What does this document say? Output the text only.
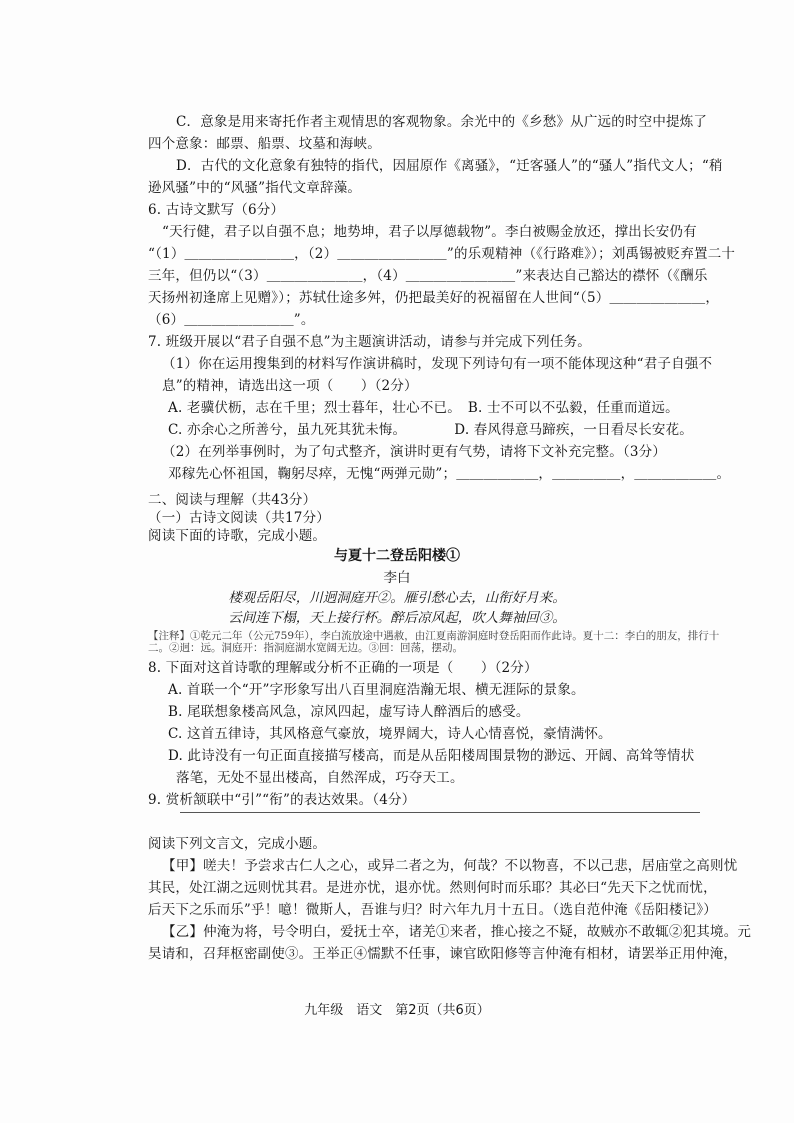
C．意象是用来寄托作者主观情思的客观物象。余光中的《乡愁》从广远的时空中提炼了
四个意象：邮票、船票、坟墓和海峡。
D．古代的文化意象有独特的指代，因屈原作《离骚》，“迁客骚人”的“骚人”指代文人；“稍
逊风骚”中的“风骚”指代文章辞藻。
6. 古诗文默写（6分）
“天行健，君子以自强不息；地势坤，君子以厚德载物”。李白被赐金放还，撑出长安仍有
“（1）＿＿＿＿＿＿＿＿，（2）＿＿＿＿＿＿＿＿”的乐观精神（《行路难》）；刘禹锡被贬弃置二十
三年，但仍以“（3）＿＿＿＿＿＿＿，（4）＿＿＿＿＿＿＿＿”来表达自己豁达的襟怀（《酬乐
天扬州初逢席上见赠》）；苏轼仕途多舛，仍把最美好的祝福留在人世间“（5）＿＿＿＿＿＿＿，
（6）＿＿＿＿＿＿＿＿”。
7. 班级开展以“君子自强不息”为主题演讲活动，请参与并完成下列任务。
（1）你在运用搜集到的材料写作演讲稿时，发现下列诗句有一项不能体现这种“君子自强不
息”的精神，请选出这一项（　　）（2分）
A. 老骥伏枥，志在千里；烈士暮年，壮心不已。　B. 士不可以不弘毅，任重而道远。
C. 亦余心之所善兮，虽九死其犹未悔。　　　　D. 春风得意马蹄疾，一日看尽长安花。
（2）在列举事例时，为了句式整齐，演讲时更有气势，请将下文补充完整。（3分）
邓稼先心怀祖国，鞠躬尽瘁，无愧“两弹元勋”；＿＿＿＿＿＿，＿＿＿＿＿，＿＿＿＿＿＿。
二、阅读与理解（共43分）
（一）古诗文阅读（共17分）
阅读下面的诗歌，完成小题。
8. 下面对这首诗歌的理解或分析不正确的一项是（　　）（2分）
A. 首联一个“开”字形象写出八百里洞庭浩瀚无垠、横无涯际的景象。
B. 尾联想象楼高风急，凉风四起，虚写诗人醉酒后的感受。
C. 这首五律诗，其风格意气豪放，境界阔大，诗人心情喜悦，豪情满怀。
D. 此诗没有一句正面直接描写楼高，而是从岳阳楼周围景物的渺远、开阔、高耸等情状
落笔，无处不显出楼高，自然浑成，巧夺天工。
9. 赏析颔联中“引”“衔”的表达效果。（4分）
阅读下列文言文，完成小题。
【甲】嗟夫！予尝求古仁人之心，或异二者之为，何哉？不以物喜，不以己悲，居庙堂之高则忧
其民，处江湖之远则忧其君。是进亦忧，退亦忧。然则何时而乐耶？其必曰“先天下之忧而忧，
后天下之乐而乐”乎！噫！微斯人，吾谁与归？时六年九月十五日。（选自范仲淹《岳阳楼记》）
【乙】仲淹为将，号令明白，爱抚士卒，诸羌①来者，推心接之不疑，故贼亦不敢辄②犯其境。元
昊请和，召拜枢密副使③。王举正④懦默不任事，谏官欧阳修等言仲淹有相材，请罢举正用仲淹，
与夏十二登岳阳楼①
李白
楼观岳阳尽，川迥洞庭开②。雁引愁心去，山衔好月来。
九年级　语文　第2页（共6页）
云间连下榻，天上接行杯。醉后凉风起，吹人舞袖回③。
【注释】①乾元二年（公元759年），李白流放途中遇赦，由江夏南游洞庭时登岳阳而作此诗。夏十二：李白的朋友，排行十
二。②迥：远。洞庭开：指洞庭湖水宽阔无边。③回：回荡，摆动。
